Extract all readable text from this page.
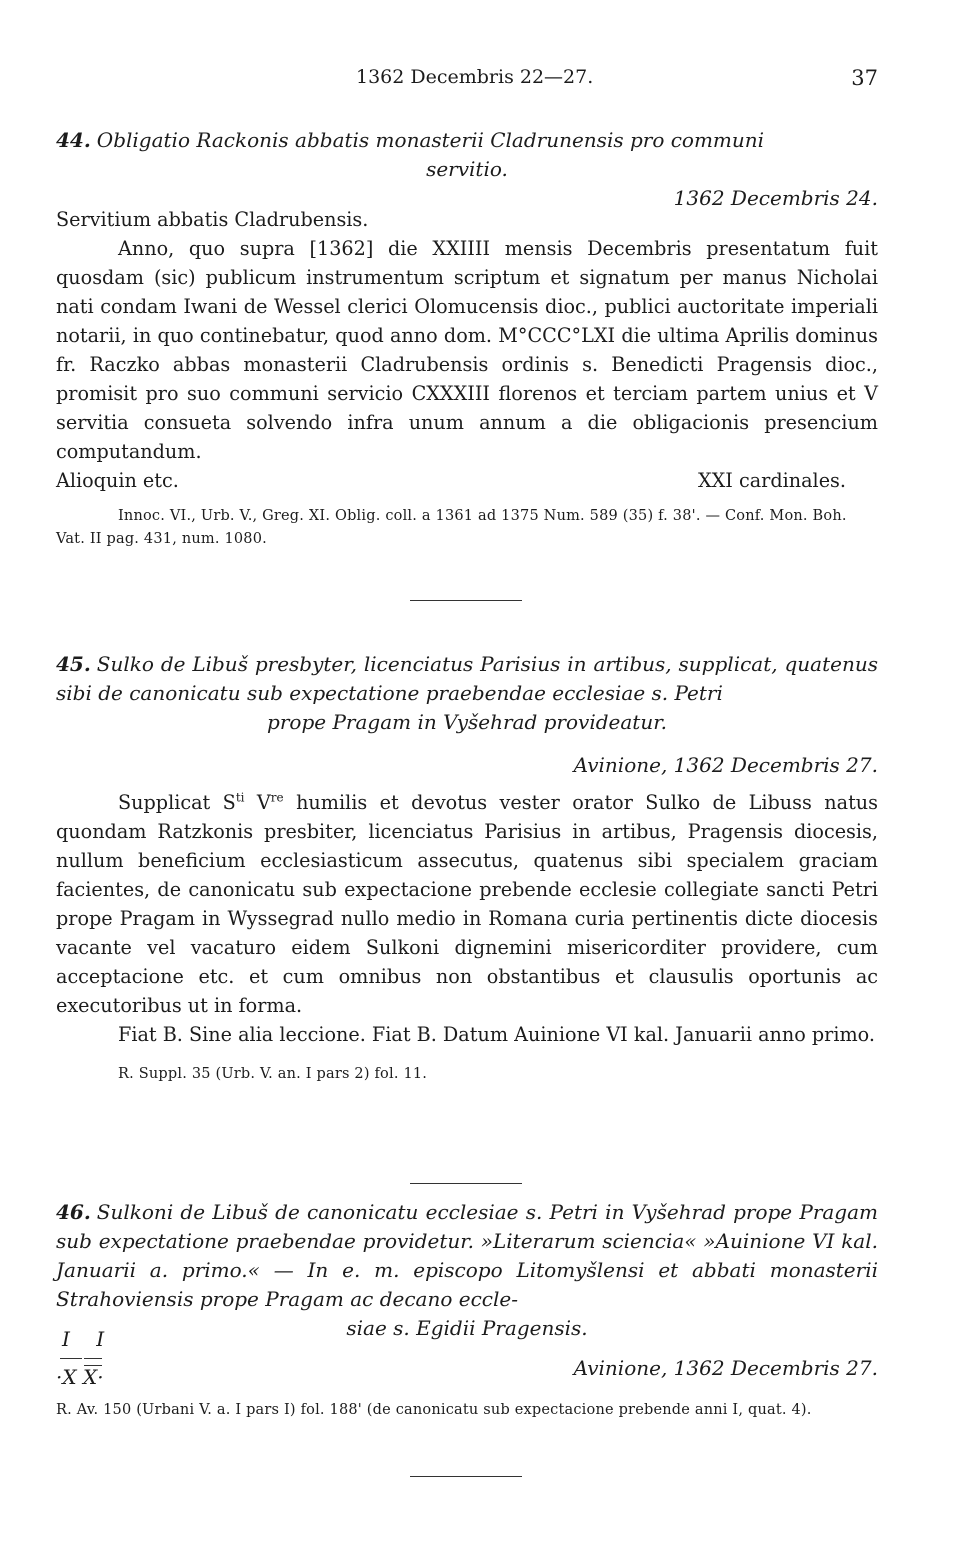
1362 Decembris 22—27.	37
44. Obligatio Rackonis abbatis monasterii Cladrunensis pro communi
servitio.
1362 Decembris 24.

Servitium abbatis Cladrubensis.

Anno, quo supra [1362] die XXIIII mensis Decembris presentatum fuit quosdam (sic) publicum instrumentum scriptum et signatum per manus Nicholai nati condam Iwani de Wessel clerici Olomucensis dioc., publici auctoritate imperiali notarii, in quo continebatur, quod anno dom. M°CCC°LXI die ultima Aprilis dominus fr. Raczko abbas monasterii Cladrubensis ordinis s. Benedicti Pragensis dioc., promisit pro suo communi servicio CXXXIII florenos et terciam partem unius et V servitia consueta solvendo infra unum annum a die obligacionis presencium computandum.

Alioquin etc.	XXI cardinales.

Innoc. VI., Urb. V., Greg. XI. Oblig. coll. a 1361 ad 1375 Num. 589 (35) f. 38'. — Conf. Mon. Boh. Vat. II pag. 431, num. 1080.

45. Sulko de Libuš presbyter, licenciatus Parisius in artibus, supplicat, quatenus sibi de canonicatu sub expectatione praebendae ecclesiae s. Petri
prope Pragam in Vyšehrad provideatur.
Avinione, 1362 Decembris 27.

Supplicat $S^{ti}$ Vre humilis et devotus vester orator Sulko de Libuss natus quondam Ratzkonis presbiter, licenciatus Parisius in artibus, Pragensis diocesis, nullum beneficium ecclesiasticum assecutus, quatenus sibi specialem graciam facientes, de canonicatu sub expectacione prebende ecclesie collegiate sancti Petri prope Pragam in Wyssegrad nullo medio in Romana curia pertinentis dicte diocesis vacante vel vacaturo eidem Sulkoni dignemini misericorditer providere, cum acceptacione etc. et cum omnibus non obstantibus et clausulis oportunis ac executoribus ut in forma.

Fiat B. Sine alia leccione. Fiat B. Datum Auinione VI kal. Januarii anno primo.

R. Suppl. 35 (Urb. V. an. I pars 2) fol. 11.

46. Sulkoni de Libuš de canonicatu ecclesiae s. Petri in Vyšehrad prope Pragam sub expectatione praebendae providetur. »Literarum sciencia« »Auinione VI kal. Januarii a. primo.« — In e. m. episcopo Litomyšlensi et abbati monasterii Strahoviensis prope Pragam ac decano eccle-
siae s. Egidii Pragensis.
Avinione, 1362 Decembris 27.

R. Av. 150 (Urbani V. a. I pars I) fol. 188' (de canonicatu sub expectacione prebende anni I, quat. 4).

I I
·X X·
